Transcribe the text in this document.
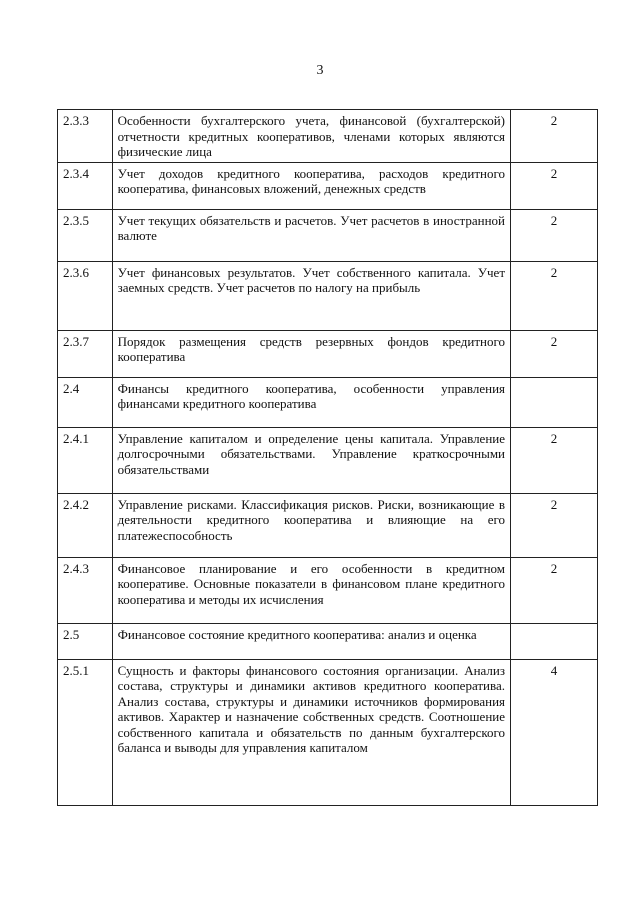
3
2.3.3	Особенности бухгалтерского учета, финансовой (бухгалтерской) отчетности кредитных кооперативов, членами которых являются физические лица	2
2.3.4	Учет доходов кредитного кооператива, расходов кредитного кооператива, финансовых вложений, денежных средств	2
2.3.5	Учет текущих обязательств и расчетов. Учет расчетов в иностранной валюте	2
2.3.6	Учет финансовых результатов. Учет собственного капитала. Учет заемных средств. Учет расчетов по налогу на прибыль	2
2.3.7	Порядок размещения средств резервных фондов кредитного кооператива	2
2.4	Финансы кредитного кооператива, особенности управления финансами кредитного кооператива	

2.4.1	Управление капиталом и определение цены капитала. Управление долгосрочными обязательствами. Управление краткосрочными обязательствами	2
2.4.2	Управление рисками. Классификация рисков. Риски, возникающие в деятельности кредитного кооператива и влияющие на его платежеспособность	2
2.4.3	Финансовое планирование и его особенности в кредитном кооперативе. Основные показатели в финансовом плане кредитного кооператива и методы их исчисления	2
2.5	Финансовое состояние кредитного кооператива: анализ и оценка	

2.5.1	Сущность и факторы финансового состояния организации. Анализ состава, структуры и динамики активов кредитного кооператива. Анализ состава, структуры и динамики источников формирования активов. Характер и назначение собственных средств. Соотношение собственного капитала и обязательств по данным бухгалтерского баланса и выводы для управления капиталом	4
